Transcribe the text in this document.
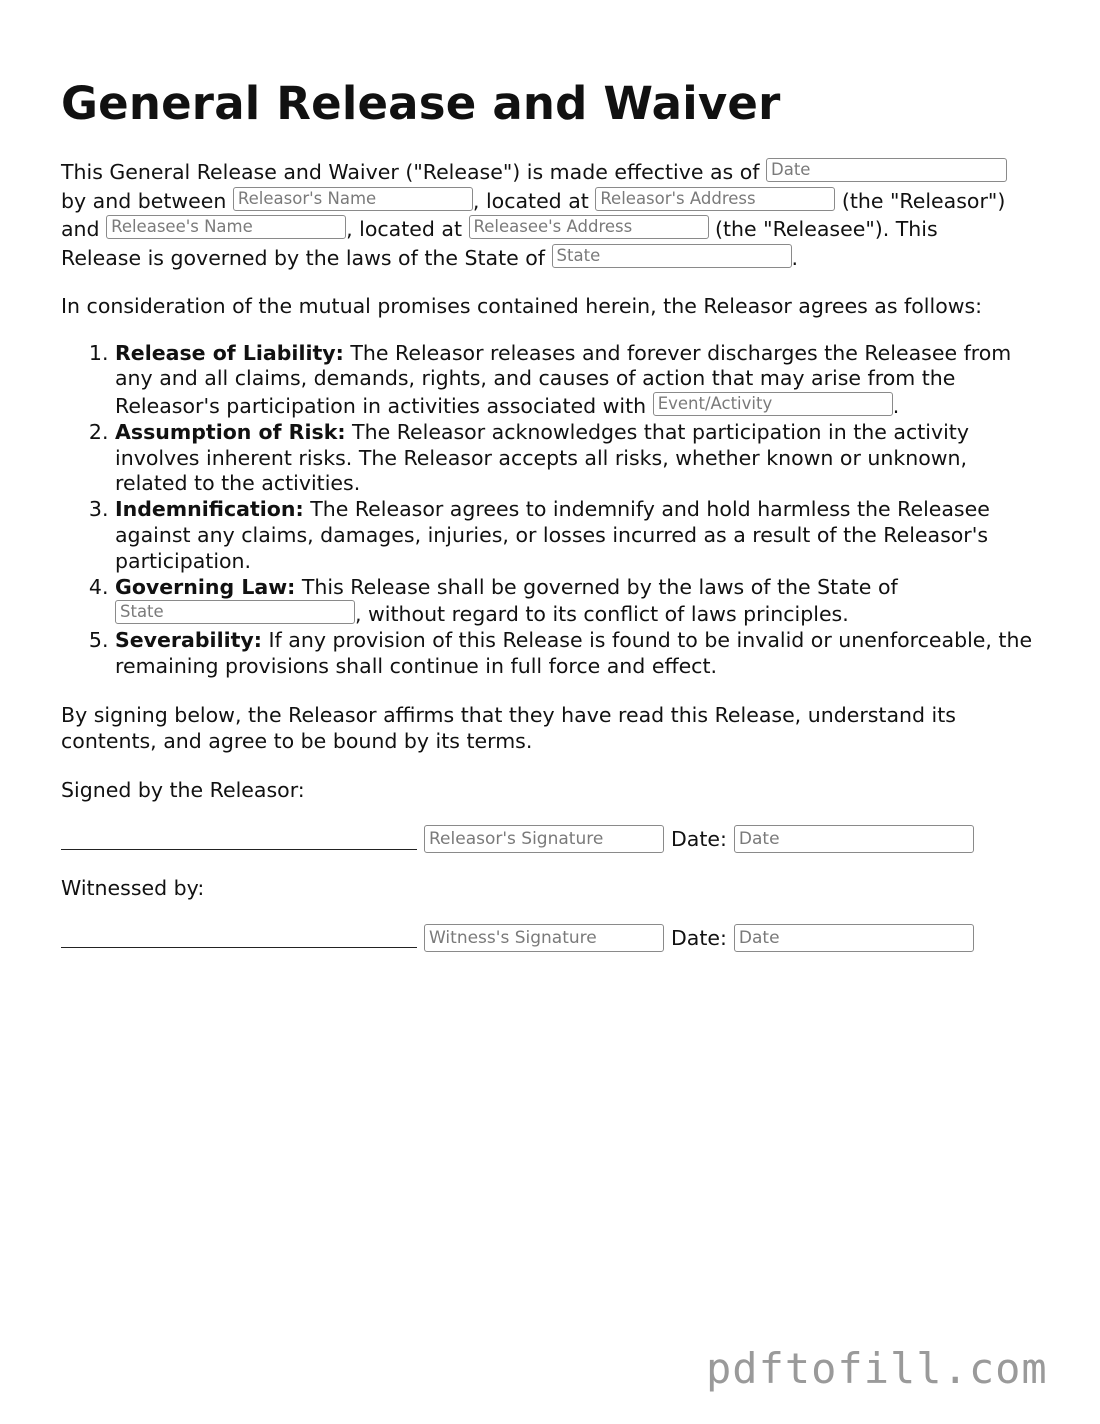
General Release and Waiver

This General Release and Waiver ("Release") is made effective as of Date
by and between Releasor's Name	, located at Releasor's Address	(the "Releasor")
and Releasee's Name	, located at Releasee's Address	(the "Releasee"). This
Release is governed by the laws of the State of State	.

In consideration of the mutual promises contained herein, the Releasor agrees as follows:

1. Release of Liability: The Releasor releases and forever discharges the Releasee from any and all claims, demands, rights, and causes of action that may arise from the Releasor's participation in activities associated with Event/Activity	.
2. Assumption of Risk: The Releasor acknowledges that participation in the activity involves inherent risks. The Releasor accepts all risks, whether known or unknown, related to the activities.
3. Indemnification: The Releasor agrees to indemnify and hold harmless the Releasee against any claims, damages, injuries, or losses incurred as a result of the Releasor's participation.
4. Governing Law: This Release shall be governed by the laws of the State of
State	, without regard to its conflict of laws principles.
5. Severability: If any provision of this Release is found to be invalid or unenforceable, the remaining provisions shall continue in full force and effect.

By signing below, the Releasor affirms that they have read this Release, understand its contents, and agree to be bound by its terms.

Signed by the Releasor:

Releasor's Signature	Date: Date

Witnessed by:

Witness's Signature	Date: Date
pdftofill.com
